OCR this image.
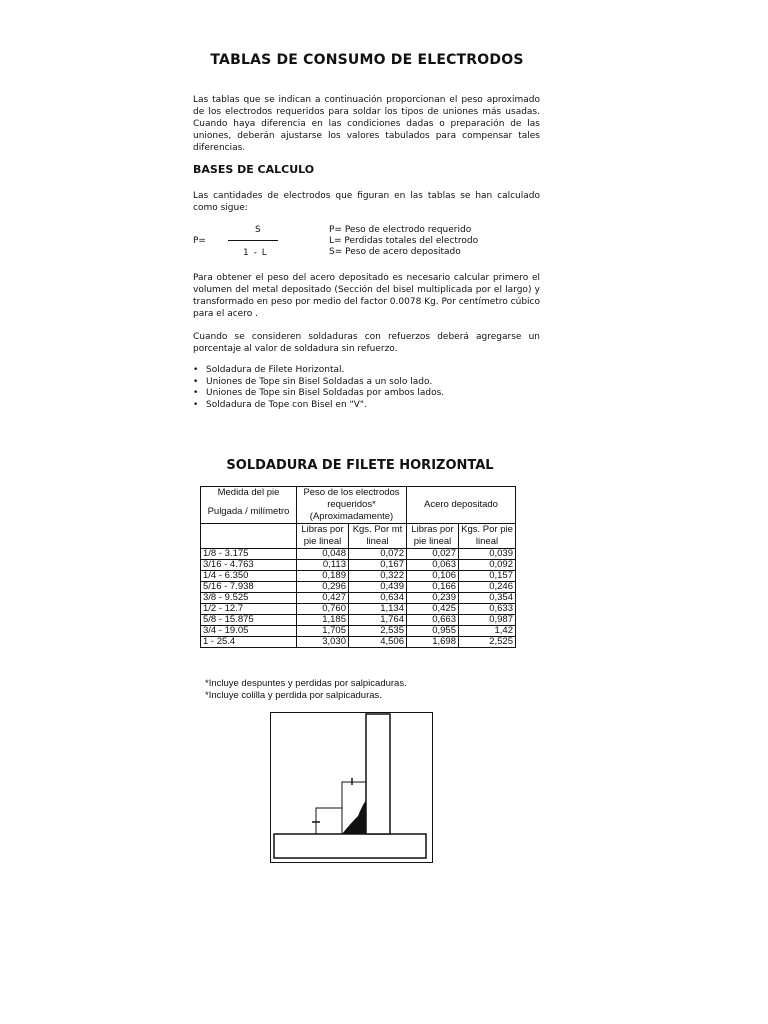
TABLAS DE CONSUMO DE ELECTRODOS
Las tablas que se indican a continuación proporcionan el peso aproximado de los electrodos requeridos para soldar los tipos de uniones más usadas. Cuando haya diferencia en las condiciones dadas o preparación de las uniones, deberán ajustarse los valores tabulados para compensar tales diferencias.
BASES DE CALCULO
Las cantidades de electrodos que figuran en las tablas se han calculado como sigue:
P=
S
1 - L
P= Peso de electrodo requerido
L= Perdidas totales del electrodo
S= Peso de acero depositado
Para obtener el peso del acero depositado es necesario calcular primero el volumen del metal depositado (Sección del bisel multiplicada por el largo) y transformado en peso por medio del factor 0.0078 Kg. Por centímetro cúbico para el acero .
Cuando se consideren soldaduras con refuerzos deberá agregarse un porcentaje al valor de soldadura sin refuerzo.
• Soldadura de Filete Horizontal.
• Uniones de Tope sin Bisel Soldadas a un solo lado.
• Uniones de Tope sin Bisel Soldadas por ambos lados.
• Soldadura de Tope con Bisel en "V".
SOLDADURA DE FILETE HORIZONTAL
Medida del pie
Pulgada / milímetro	Peso de los electrodos requeridos* (Aproximadamente)		Acero depositado	
	Libras por pie lineal	Kgs. Por mt lineal	Libras por pie lineal	Kgs. Por pie lineal
1/8 - 3.175	0,048	0,072	0,027	0,039
3/16 - 4.763	0,113	0,167	0,063	0,092
1/4 - 6.350	0,189	0,322	0,106	0,157
5/16 - 7.938	0,296	0,439	0,166	0,246
3/8 - 9.525	0,427	0,634	0,239	0,354
1/2 - 12.7	0,760	1,134	0,425	0,633
5/8 - 15.875	1,185	1,764	0,663	0,987
3/4 - 19.05	1,705	2,535	0,955	1,42
1 - 25.4	3,030	4,506	1,698	2,525
*Incluye despuntes y perdidas por salpicaduras.
*Incluye colilla y perdida por salpicaduras.
